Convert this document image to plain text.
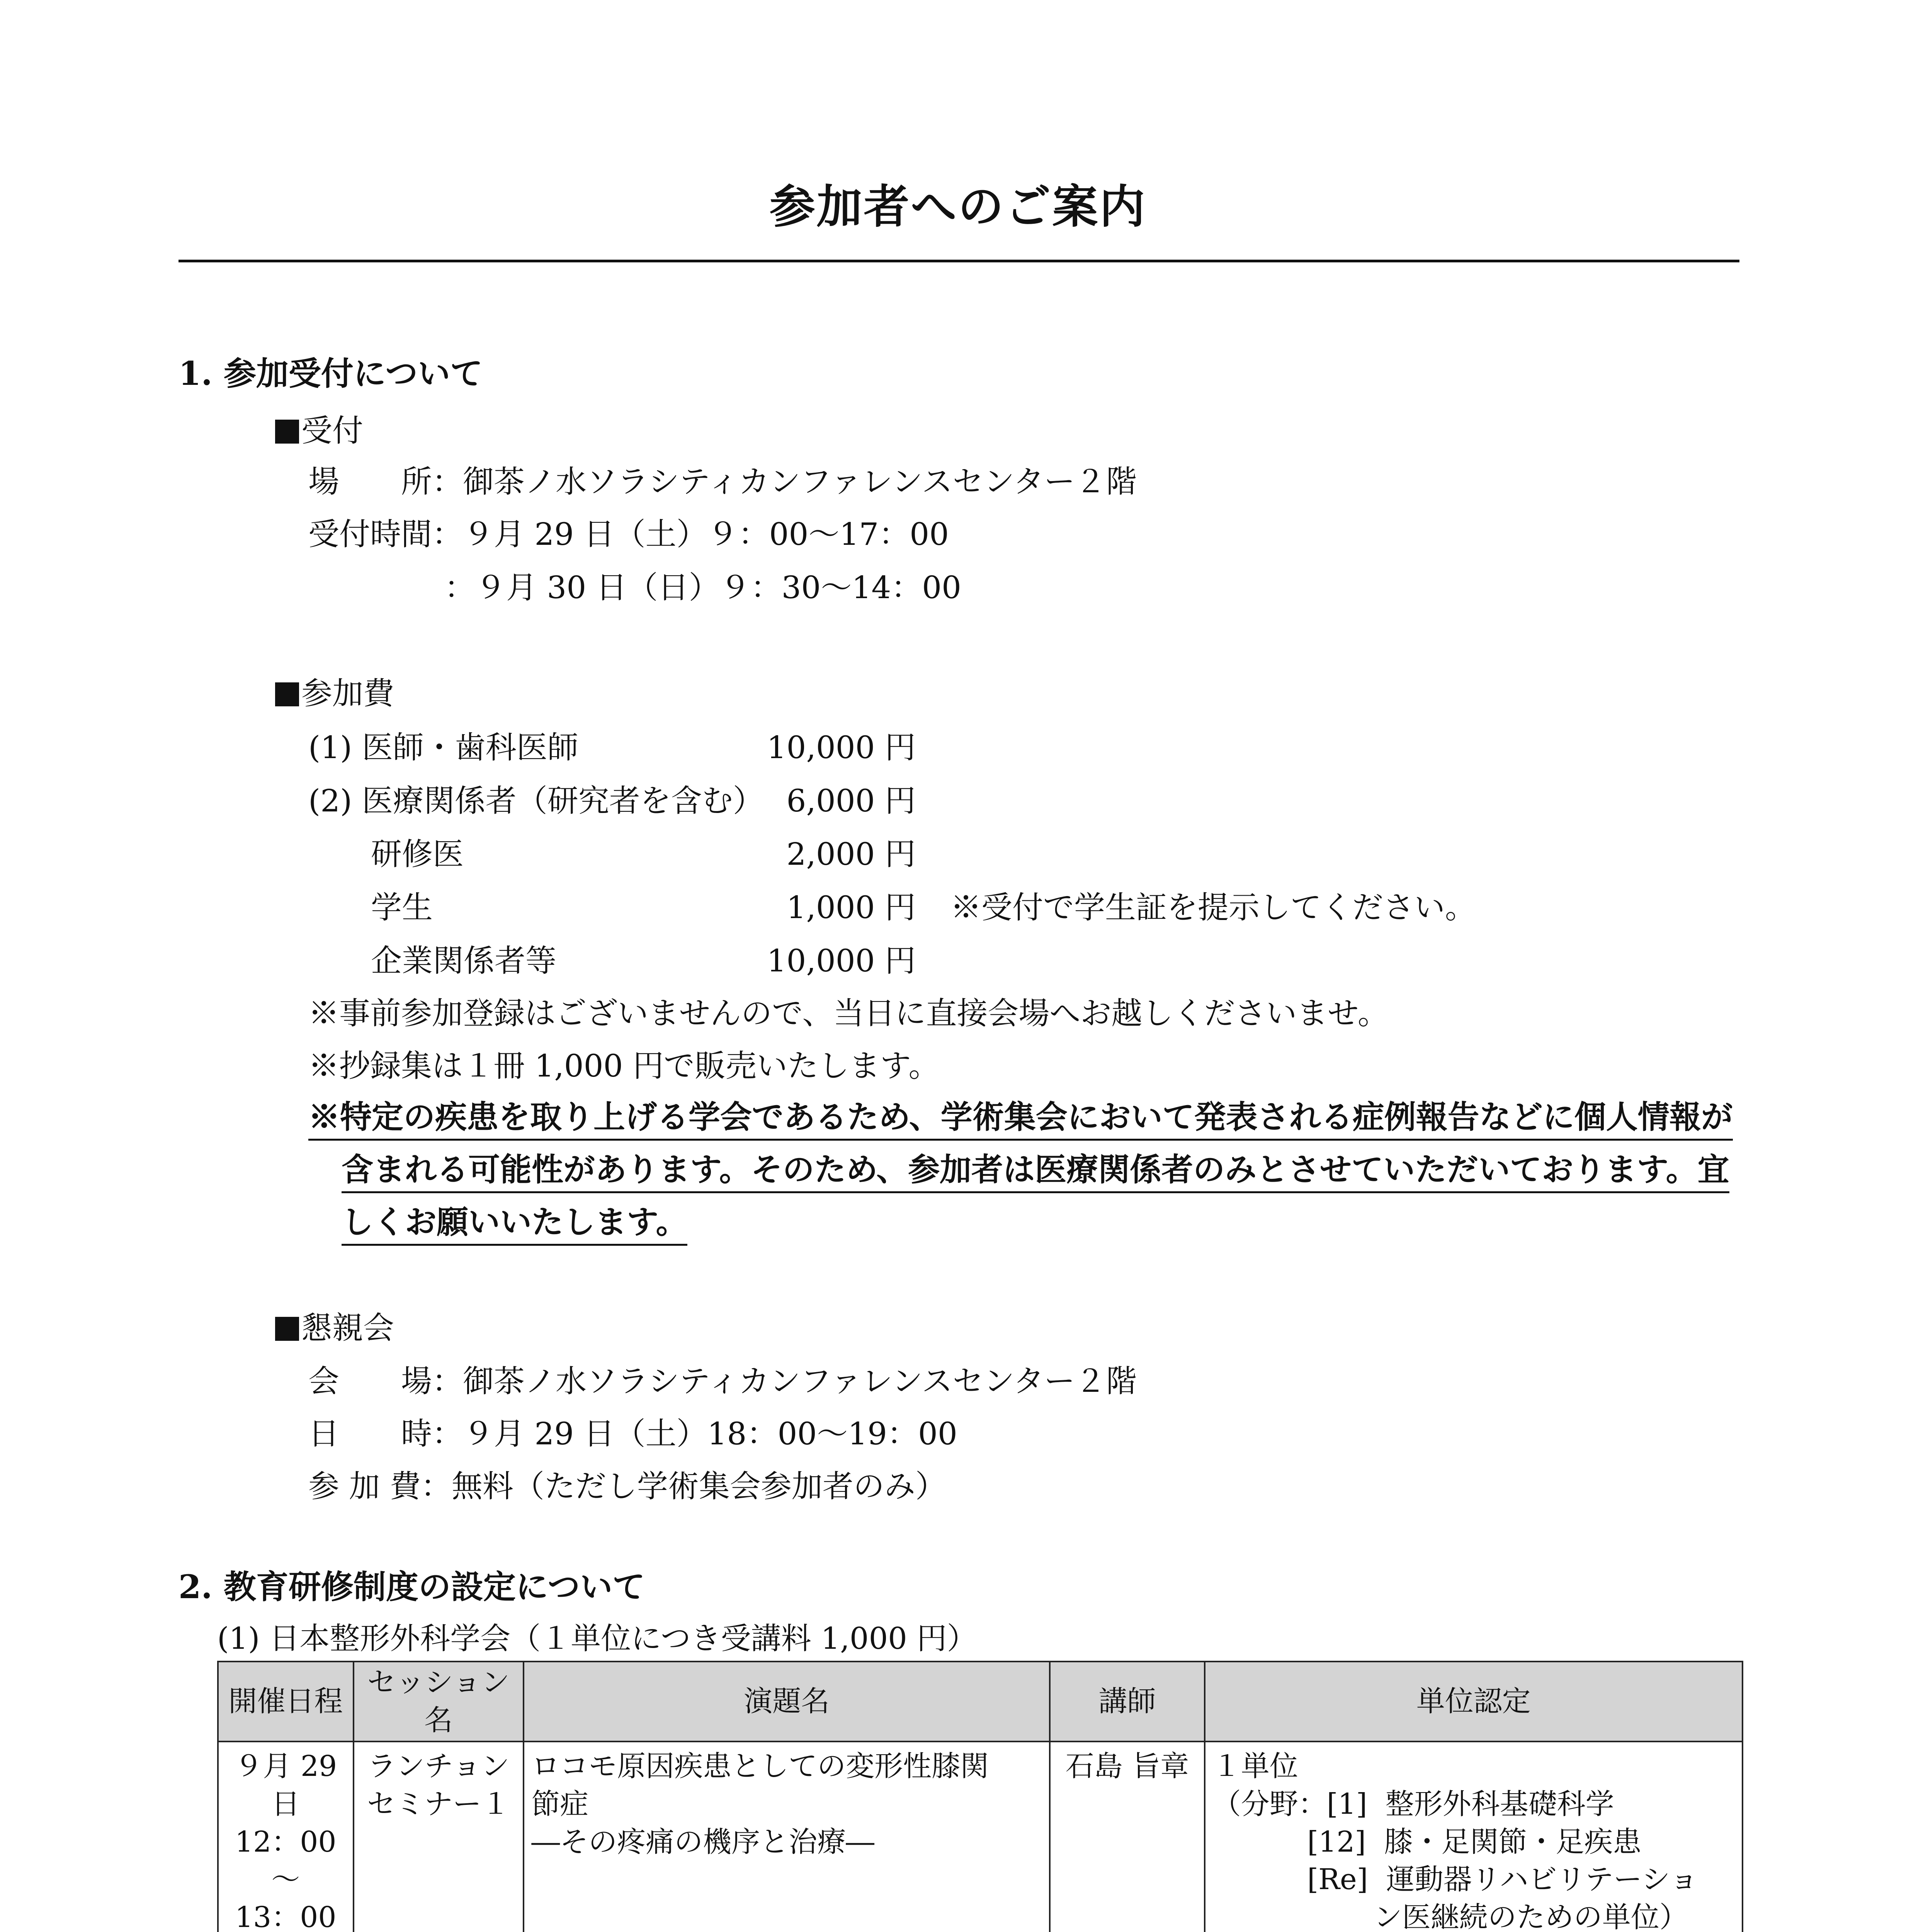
参加者へのご案内
1. 参加受付について
受付
場　　所：御茶ノ水ソラシティカンファレンスセンター２階
受付時間：９月 29 日（土）９：00〜17：00
：９月 30 日（日）９：30〜14：00
参加費
(1) 医師・歯科医師	10,000 円
(2) 医療関係者（研究者を含む） 6,000 円
研修医	2,000 円
学生	1,000 円 ※受付で学生証を提示してください。
企業関係者等	10,000 円
※事前参加登録はございませんので、当日に直接会場へお越しくださいませ。
※抄録集は１冊 1,000 円で販売いたします。
※特定の疾患を取り上げる学会であるため、学術集会において発表される症例報告などに個人情報が
含まれる可能性があります。そのため、参加者は医療関係者のみとさせていただいております。宜
しくお願いいたします。
懇親会
会　　場：御茶ノ水ソラシティカンファレンスセンター２階
日　　時：９月 29 日（土）18：00〜19：00
参 加 費：無料（ただし学術集会参加者のみ）
2. 教育研修制度の設定について
(1) 日本整形外科学会（１単位につき受講料 1,000 円）
開催日程	セッション名	演題名	講師	単位認定
９月 29 日
12：00
〜
13：00	ランチョン
セミナー１	ロコモ原因疾患としての変形性膝関
節症
―その疼痛の機序と治療―	石島 旨章	１単位
（分野：[1]  整形外科基礎科学
　　　 [12]  膝・足関節・足疾患
　　　 [Re]  運動器リハビリテーショ
　　　　　  ン医継続のための単位）
